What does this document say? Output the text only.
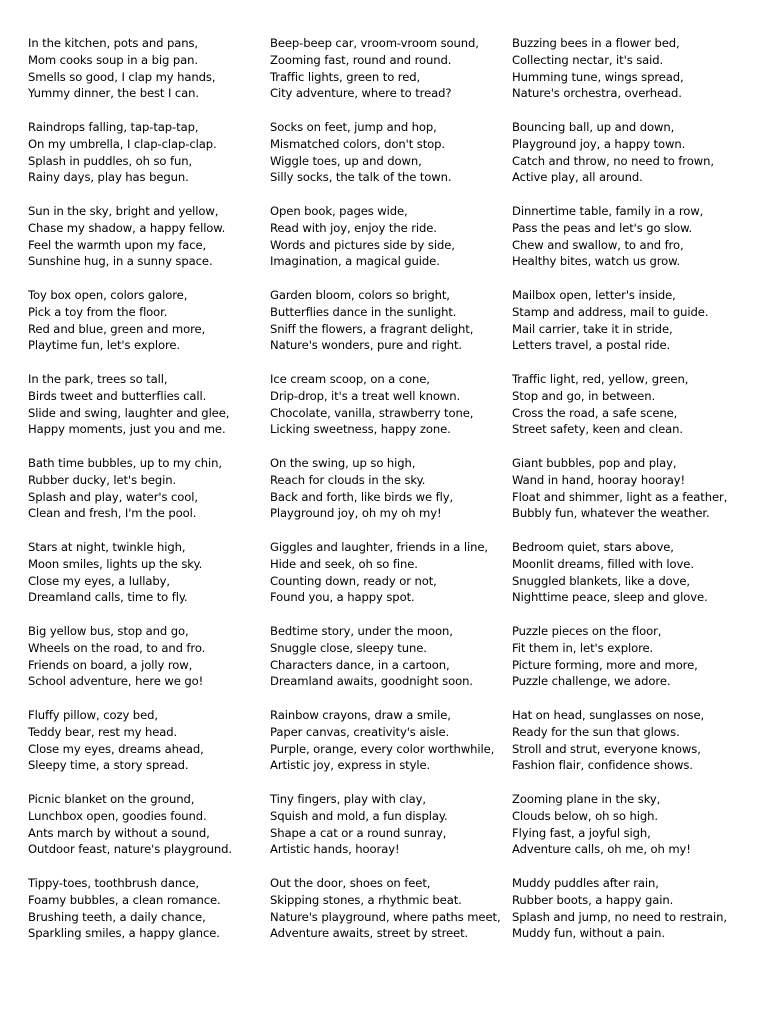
In the kitchen, pots and pans,
Mom cooks soup in a big pan.
Smells so good, I clap my hands,
Yummy dinner, the best I can.
Raindrops falling, tap-tap-tap,
On my umbrella, I clap-clap-clap.
Splash in puddles, oh so fun,
Rainy days, play has begun.
Sun in the sky, bright and yellow,
Chase my shadow, a happy fellow.
Feel the warmth upon my face,
Sunshine hug, in a sunny space.
Toy box open, colors galore,
Pick a toy from the floor.
Red and blue, green and more,
Playtime fun, let's explore.
In the park, trees so tall,
Birds tweet and butterflies call.
Slide and swing, laughter and glee,
Happy moments, just you and me.
Bath time bubbles, up to my chin,
Rubber ducky, let's begin.
Splash and play, water's cool,
Clean and fresh, I'm the pool.
Stars at night, twinkle high,
Moon smiles, lights up the sky.
Close my eyes, a lullaby,
Dreamland calls, time to fly.
Big yellow bus, stop and go,
Wheels on the road, to and fro.
Friends on board, a jolly row,
School adventure, here we go!
Fluffy pillow, cozy bed,
Teddy bear, rest my head.
Close my eyes, dreams ahead,
Sleepy time, a story spread.
Picnic blanket on the ground,
Lunchbox open, goodies found.
Ants march by without a sound,
Outdoor feast, nature's playground.
Tippy-toes, toothbrush dance,
Foamy bubbles, a clean romance.
Brushing teeth, a daily chance,
Sparkling smiles, a happy glance.
Beep-beep car, vroom-vroom sound,
Zooming fast, round and round.
Traffic lights, green to red,
City adventure, where to tread?
Socks on feet, jump and hop,
Mismatched colors, don't stop.
Wiggle toes, up and down,
Silly socks, the talk of the town.
Open book, pages wide,
Read with joy, enjoy the ride.
Words and pictures side by side,
Imagination, a magical guide.
Garden bloom, colors so bright,
Butterflies dance in the sunlight.
Sniff the flowers, a fragrant delight,
Nature's wonders, pure and right.
Ice cream scoop, on a cone,
Drip-drop, it's a treat well known.
Chocolate, vanilla, strawberry tone,
Licking sweetness, happy zone.
On the swing, up so high,
Reach for clouds in the sky.
Back and forth, like birds we fly,
Playground joy, oh my oh my!
Giggles and laughter, friends in a line,
Hide and seek, oh so fine.
Counting down, ready or not,
Found you, a happy spot.
Bedtime story, under the moon,
Snuggle close, sleepy tune.
Characters dance, in a cartoon,
Dreamland awaits, goodnight soon.
Rainbow crayons, draw a smile,
Paper canvas, creativity's aisle.
Purple, orange, every color worthwhile,
Artistic joy, express in style.
Tiny fingers, play with clay,
Squish and mold, a fun display.
Shape a cat or a round sunray,
Artistic hands, hooray!
Out the door, shoes on feet,
Skipping stones, a rhythmic beat.
Nature's playground, where paths meet,
Adventure awaits, street by street.
Buzzing bees in a flower bed,
Collecting nectar, it's said.
Humming tune, wings spread,
Nature's orchestra, overhead.
Bouncing ball, up and down,
Playground joy, a happy town.
Catch and throw, no need to frown,
Active play, all around.
Dinnertime table, family in a row,
Pass the peas and let's go slow.
Chew and swallow, to and fro,
Healthy bites, watch us grow.
Mailbox open, letter's inside,
Stamp and address, mail to guide.
Mail carrier, take it in stride,
Letters travel, a postal ride.
Traffic light, red, yellow, green,
Stop and go, in between.
Cross the road, a safe scene,
Street safety, keen and clean.
Giant bubbles, pop and play,
Wand in hand, hooray hooray!
Float and shimmer, light as a feather,
Bubbly fun, whatever the weather.
Bedroom quiet, stars above,
Moonlit dreams, filled with love.
Snuggled blankets, like a dove,
Nighttime peace, sleep and glove.
Puzzle pieces on the floor,
Fit them in, let's explore.
Picture forming, more and more,
Puzzle challenge, we adore.
Hat on head, sunglasses on nose,
Ready for the sun that glows.
Stroll and strut, everyone knows,
Fashion flair, confidence shows.
Zooming plane in the sky,
Clouds below, oh so high.
Flying fast, a joyful sigh,
Adventure calls, oh me, oh my!
Muddy puddles after rain,
Rubber boots, a happy gain.
Splash and jump, no need to restrain,
Muddy fun, without a pain.
